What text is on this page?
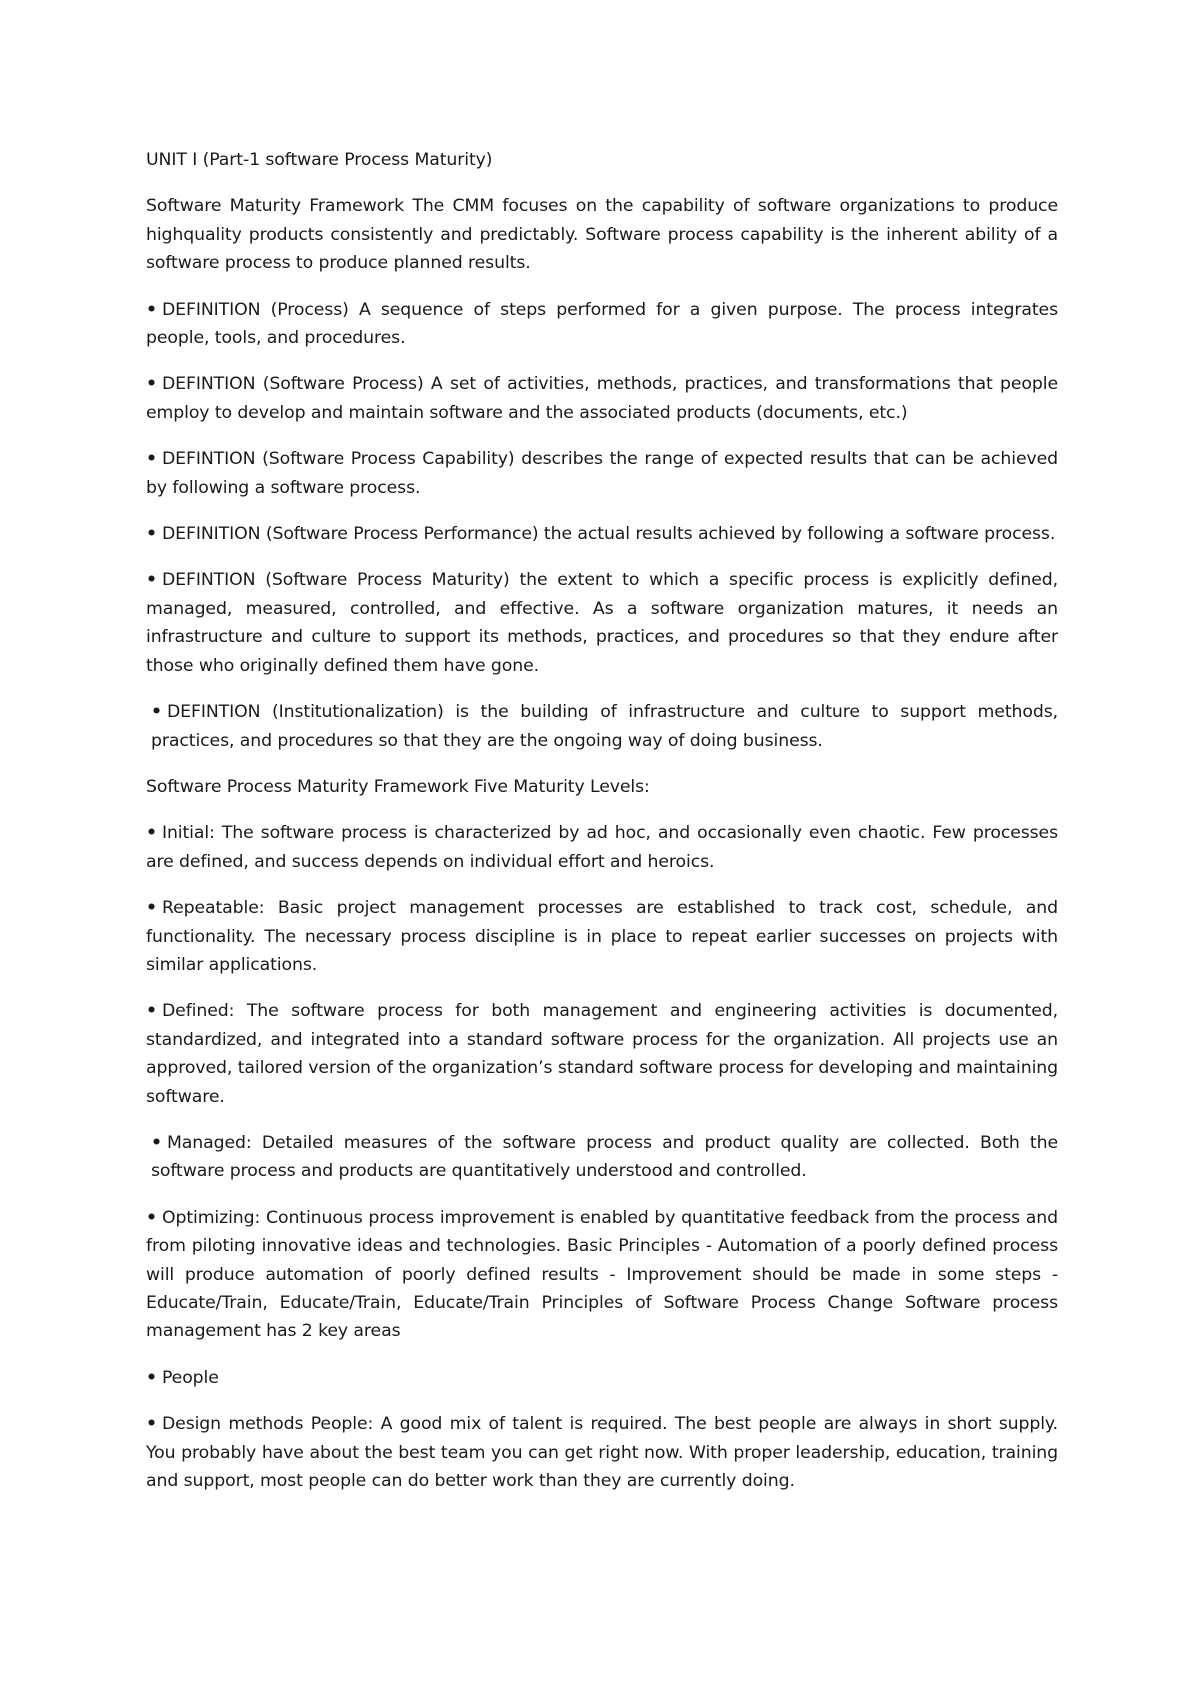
UNIT I (Part-1 software Process Maturity)

Software Maturity Framework The CMM focuses on the capability of software organizations to produce highquality products consistently and predictably. Software process capability is the inherent ability of a software process to produce planned results.

• DEFINITION (Process) A sequence of steps performed for a given purpose. The process integrates people, tools, and procedures.

• DEFINTION (Software Process) A set of activities, methods, practices, and transformations that people employ to develop and maintain software and the associated products (documents, etc.)

• DEFINTION (Software Process Capability) describes the range of expected results that can be achieved by following a software process.

• DEFINITION (Software Process Performance) the actual results achieved by following a software process.

• DEFINTION (Software Process Maturity) the extent to which a specific process is explicitly defined, managed, measured, controlled, and effective. As a software organization matures, it needs an infrastructure and culture to support its methods, practices, and procedures so that they endure after those who originally defined them have gone.

• DEFINTION (Institutionalization) is the building of infrastructure and culture to support methods, practices, and procedures so that they are the ongoing way of doing business.

Software Process Maturity Framework Five Maturity Levels:

• Initial: The software process is characterized by ad hoc, and occasionally even chaotic. Few processes are defined, and success depends on individual effort and heroics.

• Repeatable: Basic project management processes are established to track cost, schedule, and functionality. The necessary process discipline is in place to repeat earlier successes on projects with similar applications.

• Defined: The software process for both management and engineering activities is documented, standardized, and integrated into a standard software process for the organization. All projects use an approved, tailored version of the organization’s standard software process for developing and maintaining software.

• Managed: Detailed measures of the software process and product quality are collected. Both the software process and products are quantitatively understood and controlled.

• Optimizing: Continuous process improvement is enabled by quantitative feedback from the process and from piloting innovative ideas and technologies. Basic Principles - Automation of a poorly defined process will produce automation of poorly defined results - Improvement should be made in some steps - Educate/Train, Educate/Train, Educate/Train Principles of Software Process Change Software process management has 2 key areas

• People

• Design methods People: A good mix of talent is required. The best people are always in short supply. You probably have about the best team you can get right now. With proper leadership, education, training and support, most people can do better work than they are currently doing.
